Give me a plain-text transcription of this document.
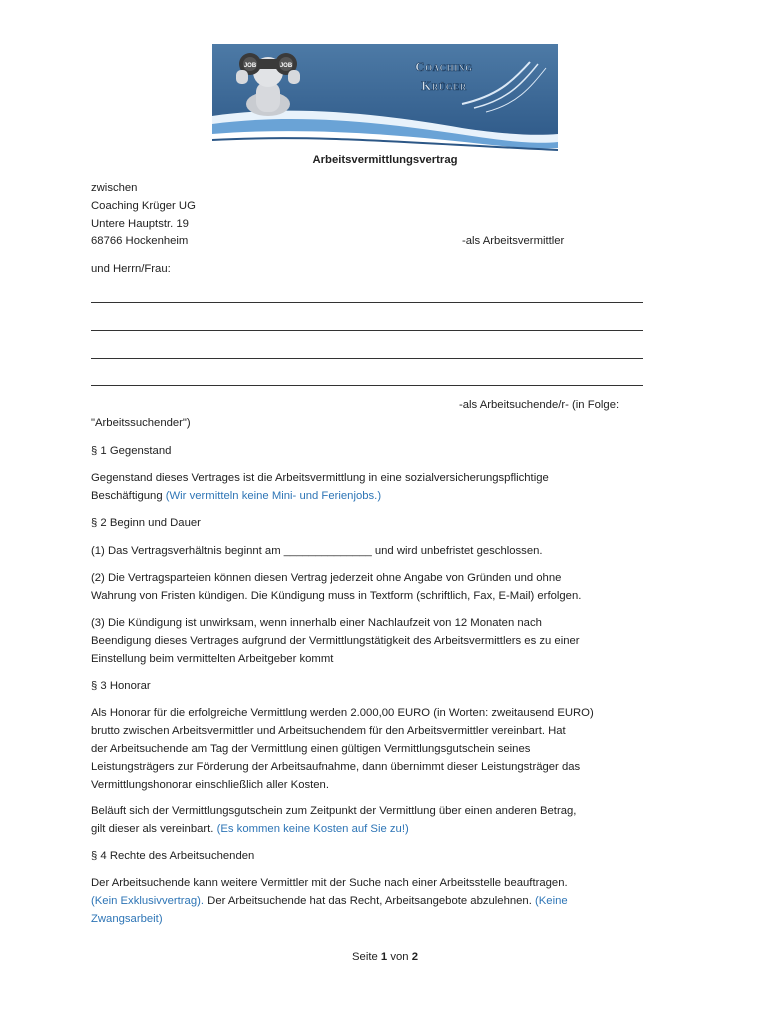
JOB	JOB	Coaching
Krüger
Arbeitsvermittlungsvertrag
zwischen
Coaching Krüger UG
Untere Hauptstr. 19
68766 Hockenheim	-als Arbeitsvermittler
und Herrn/Frau:
-als Arbeitsuchende/r- (in Folge:
"Arbeitssuchender")
§ 1 Gegenstand
Gegenstand dieses Vertrages ist die Arbeitsvermittlung in eine sozialversicherungspflichtige
Beschäftigung (Wir vermitteln keine Mini- und Ferienjobs.)
§ 2 Beginn und Dauer
(1) Das Vertragsverhältnis beginnt am ______________ und wird unbefristet geschlossen.
(2) Die Vertragsparteien können diesen Vertrag jederzeit ohne Angabe von Gründen und ohne
Wahrung von Fristen kündigen. Die Kündigung muss in Textform (schriftlich, Fax, E-Mail) erfolgen.
(3) Die Kündigung ist unwirksam, wenn innerhalb einer Nachlaufzeit von 12 Monaten nach
Beendigung dieses Vertrages aufgrund der Vermittlungstätigkeit des Arbeitsvermittlers es zu einer
Einstellung beim vermittelten Arbeitgeber kommt
§ 3 Honorar
Als Honorar für die erfolgreiche Vermittlung werden 2.000,00 EURO (in Worten: zweitausend EURO)
brutto zwischen Arbeitsvermittler und Arbeitsuchendem für den Arbeitsvermittler vereinbart. Hat
der Arbeitsuchende am Tag der Vermittlung einen gültigen Vermittlungsgutschein seines
Leistungsträgers zur Förderung der Arbeitsaufnahme, dann übernimmt dieser Leistungsträger das
Vermittlungshonorar einschließlich aller Kosten.
Beläuft sich der Vermittlungsgutschein zum Zeitpunkt der Vermittlung über einen anderen Betrag,
gilt dieser als vereinbart. (Es kommen keine Kosten auf Sie zu!)
§ 4 Rechte des Arbeitsuchenden
Der Arbeitsuchende kann weitere Vermittler mit der Suche nach einer Arbeitsstelle beauftragen.
(Kein Exklusivvertrag). Der Arbeitsuchende hat das Recht, Arbeitsangebote abzulehnen. (Keine
Zwangsarbeit)
Seite 1 von 2
